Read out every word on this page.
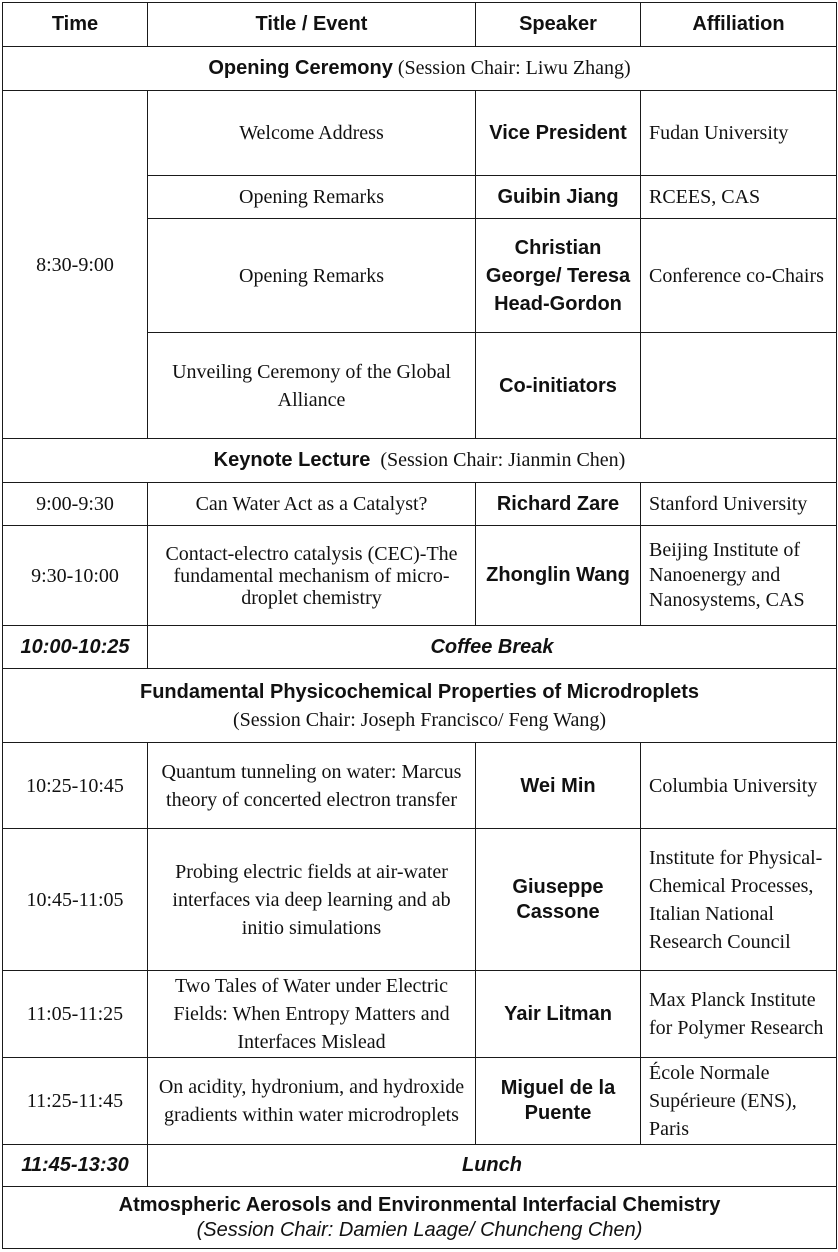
Time	Title / Event	Speaker	Affiliation
Opening Ceremony (Session Chair: Liwu Zhang)			
8:30-9:00	Welcome Address	Vice President	Fudan University
	Opening Remarks	Guibin Jiang	RCEES, CAS
	Opening Remarks	Christian George/ Teresa Head-Gordon	Conference co-Chairs
	Unveiling Ceremony of the Global Alliance	Co-initiators	
Keynote Lecture  (Session Chair: Jianmin Chen)			
9:00-9:30	Can Water Act as a Catalyst?	Richard Zare	Stanford University
9:30-10:00	Contact-electro catalysis (CEC)-The fundamental mechanism of micro-droplet chemistry	Zhonglin Wang	Beijing Institute of Nanoenergy and Nanosystems, CAS
10:00-10:25	Coffee Break		

Fundamental Physicochemical Properties of Microdroplets
(Session Chair: Joseph Francisco/ Feng Wang)			

10:25-10:45	Quantum tunneling on water: Marcus theory of concerted electron transfer	Wei Min	Columbia University
10:45-11:05	Probing electric fields at air-water interfaces via deep learning and ab initio simulations	Giuseppe Cassone	Institute for Physical-Chemical Processes, Italian National Research Council
11:05-11:25	Two Tales of Water under Electric Fields: When Entropy Matters and Interfaces Mislead	Yair Litman	Max Planck Institute for Polymer Research
11:25-11:45	On acidity, hydronium, and hydroxide gradients within water microdroplets	Miguel de la Puente	École Normale Supérieure (ENS), Paris
11:45-13:30	Lunch		

Atmospheric Aerosols and Environmental Interfacial Chemistry
(Session Chair: Damien Laage/ Chuncheng Chen)			
